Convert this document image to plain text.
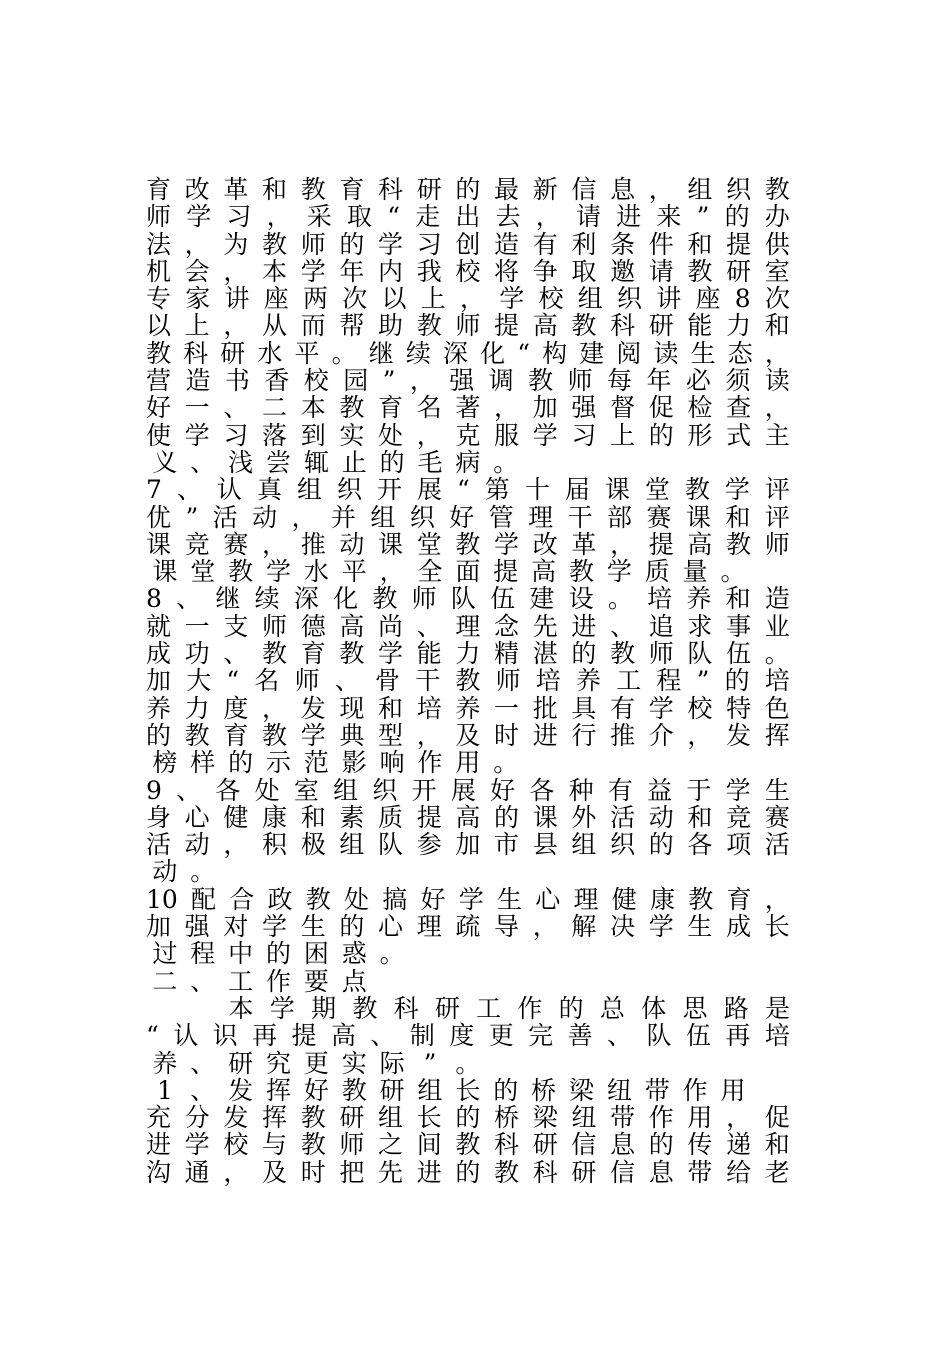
育 改 革 和 教 育 科 研 的 最 新 信 息 ， 组 织 教
师 学 习 ， 采 取 “ 走 出 去 ， 请 进 来 ” 的 办
法 ， 为 教 师 的 学 习 创 造 有 利 条 件 和 提 供
机 会 ， 本 学 年 内 我 校 将 争 取 邀 请 教 研 室
专 家 讲 座 两 次 以 上 ， 学 校 组 织 讲 座 8 次
以 上 ， 从 而 帮 助 教 师 提 高 教 科 研 能 力 和
教 科 研 水 平 。 继 续 深 化 “ 构 建 阅 读 生 态 ，
营 造 书 香 校 园 ” ， 强 调 教 师 每 年 必 须 读
好 一 、 二 本 教 育 名 著 ， 加 强 督 促 检 查 ，
使 学 习 落 到 实 处 ， 克 服 学 习 上 的 形 式 主
义 、 浅 尝 辄 止 的 毛 病 。
7 、 认 真 组 织 开 展 “ 第 十 届 课 堂 教 学 评
优 ” 活 动 ， 并 组 织 好 管 理 干 部 赛 课 和 评
课 竞 赛 ， 推 动 课 堂 教 学 改 革 ， 提 高 教 师
课 堂 教 学 水 平 ， 全 面 提 高 教 学 质 量 。
8 、 继 续 深 化 教 师 队 伍 建 设 。 培 养 和 造
就 一 支 师 德 高 尚 、 理 念 先 进 、 追 求 事 业
成 功 、 教 育 教 学 能 力 精 湛 的 教 师 队 伍 。
加 大 “ 名 师 、 骨 干 教 师 培 养 工 程 ” 的 培
养 力 度 ， 发 现 和 培 养 一 批 具 有 学 校 特 色
的 教 育 教 学 典 型 ， 及 时 进 行 推 介 ， 发 挥
榜 样 的 示 范 影 响 作 用 。
9 、 各 处 室 组 织 开 展 好 各 种 有 益 于 学 生
身 心 健 康 和 素 质 提 高 的 课 外 活 动 和 竞 赛
活 动 ， 积 极 组 队 参 加 市 县 组 织 的 各 项 活
动 。
10 配 合 政 教 处 搞 好 学 生 心 理 健 康 教 育 ，
加 强 对 学 生 的 心 理 疏 导 ， 解 决 学 生 成 长
过 程 中 的 困 惑 。
二 、 工 作 要 点

本 学 期 教 科 研 工 作 的 总 体 思 路 是
“ 认 识 再 提 高 、 制 度 更 完 善 、 队 伍 再 培
养 、 研 究 更 实 际 ” 。
1 、 发 挥 好 教 研 组 长 的 桥 梁 纽 带 作 用
充 分 发 挥 教 研 组 长 的 桥 梁 纽 带 作 用 ， 促
进 学 校 与 教 师 之 间 教 科 研 信 息 的 传 递 和
沟 通 ， 及 时 把 先 进 的 教 科 研 信 息 带 给 老
